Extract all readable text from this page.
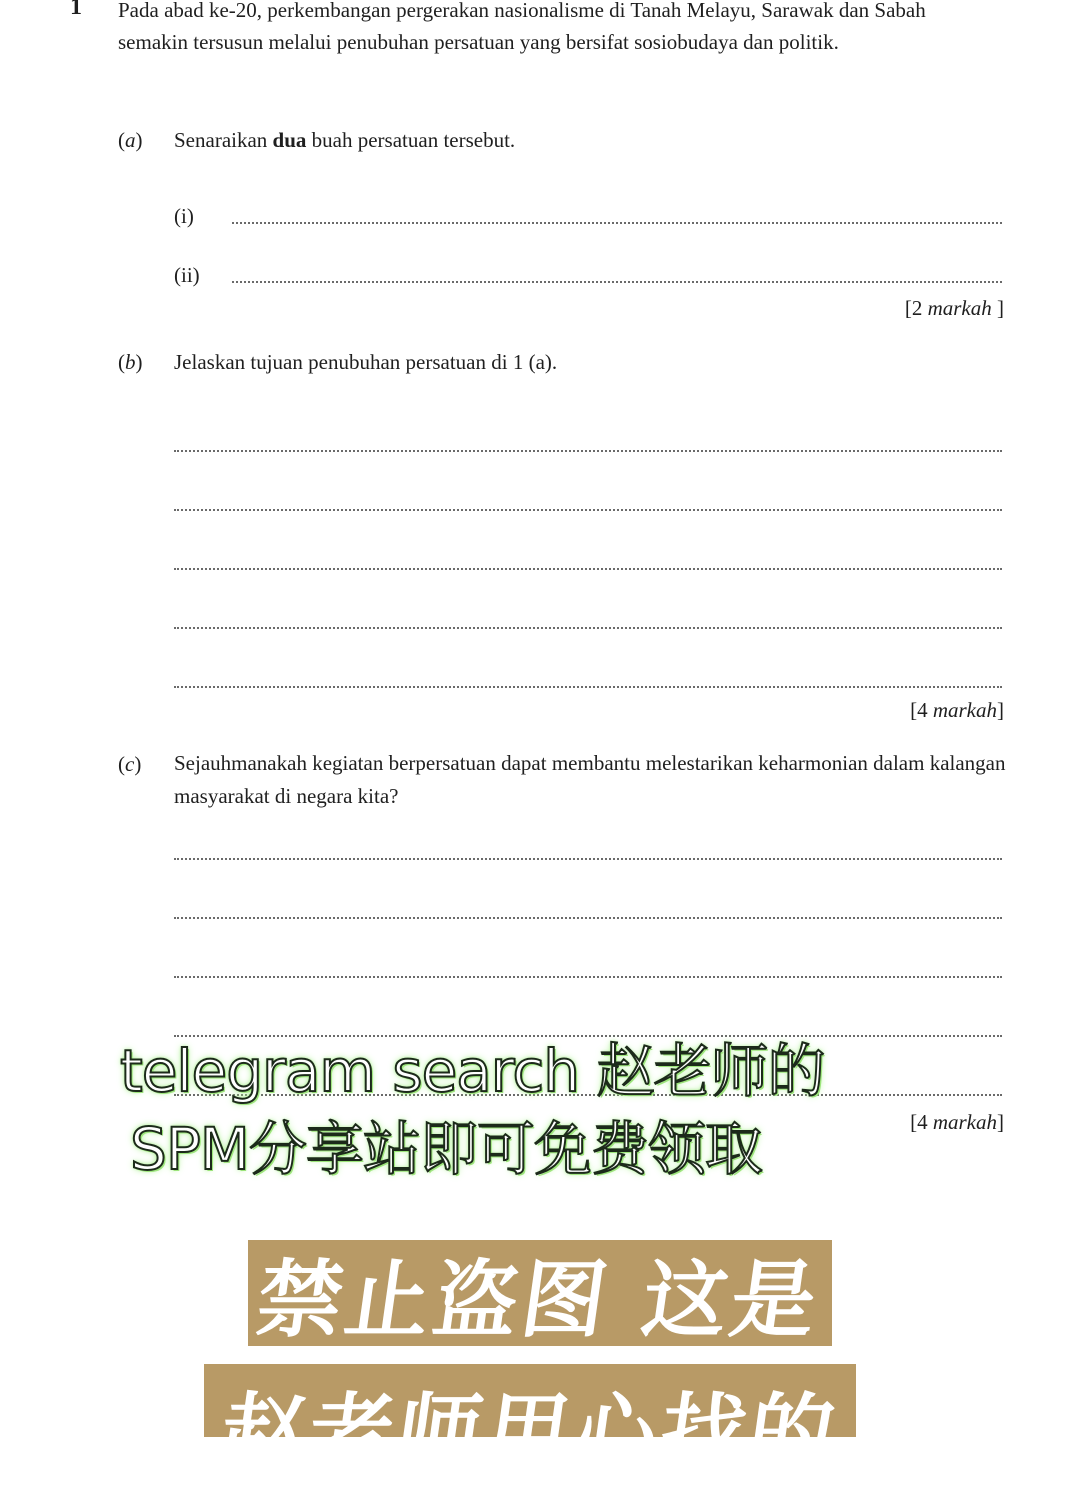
1 Pada abad ke-20, perkembangan pergerakan nasionalisme di Tanah Melayu, Sarawak dan Sabah semakin tersusun melalui penubuhan persatuan yang bersifat sosiobudaya dan politik.
(a) Senaraikan dua buah persatuan tersebut.
(i)
(ii)
[2 markah ]
(b) Jelaskan tujuan penubuhan persatuan di 1 (a).
[4 markah]
(c) Sejauhmanakah kegiatan berpersatuan dapat membantu melestarikan keharmonian dalam kalangan masyarakat di negara kita?
[4 markah]
telegram search 赵老师的
SPM分享站即可免费领取
禁止盗图 这是
赵老师用心找的
